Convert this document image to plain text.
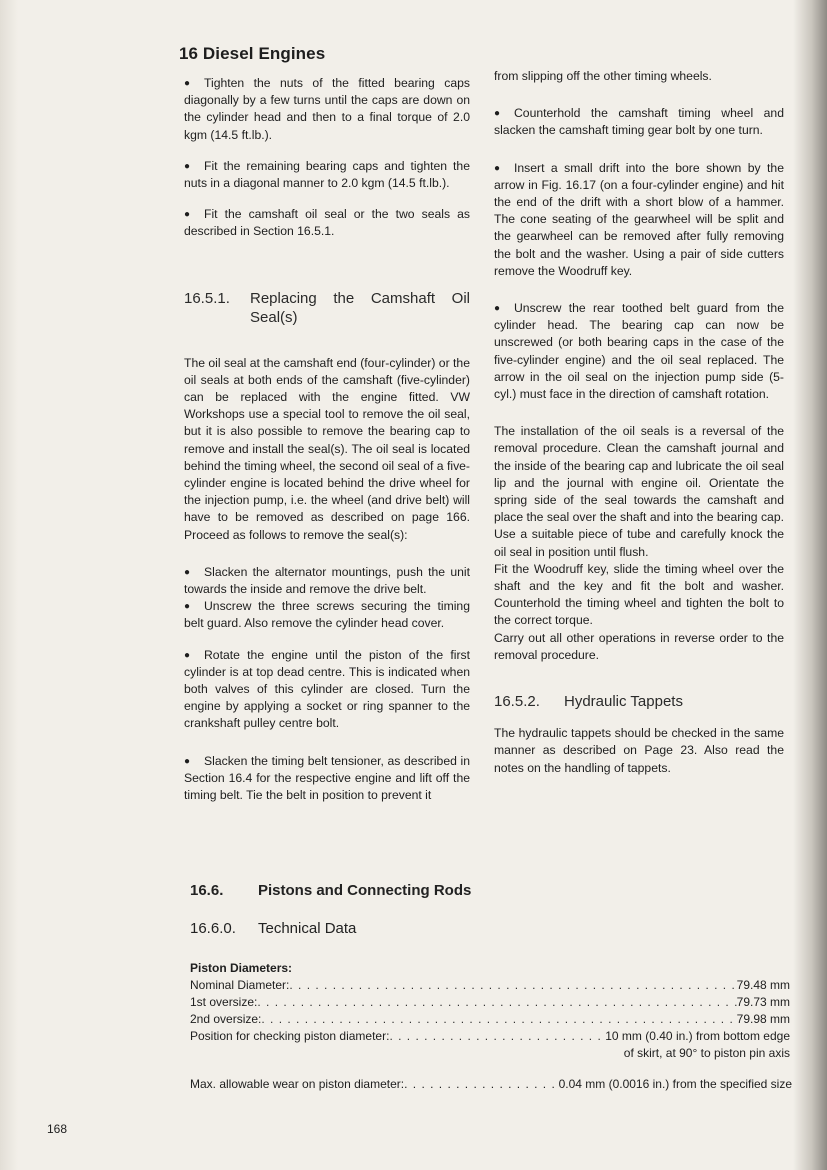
16 Diesel Engines

● Tighten the nuts of the fitted bearing caps diagonally by a few turns until the caps are down on the cylinder head and then to a final torque of 2.0 kgm (14.5 ft.lb.).

● Fit the remaining bearing caps and tighten the nuts in a diagonal manner to 2.0 kgm (14.5 ft.lb.).

● Fit the camshaft oil seal or the two seals as described in Section 16.5.1.

16.5.1.	Replacing the Camshaft Oil Seal(s)

The oil seal at the camshaft end (four-cylinder) or the oil seals at both ends of the camshaft (five-cylinder) can be replaced with the engine fitted. VW Workshops use a special tool to remove the oil seal, but it is also possible to remove the bearing cap to remove and install the seal(s). The oil seal is located behind the timing wheel, the second oil seal of a five-cylinder engine is located behind the drive wheel for the injection pump, i.e. the wheel (and drive belt) will have to be removed as described on page 166. Proceed as follows to remove the seal(s):

● Slacken the alternator mountings, push the unit towards the inside and remove the drive belt.

● Unscrew the three screws securing the timing belt guard. Also remove the cylinder head cover.

● Rotate the engine until the piston of the first cylinder is at top dead centre. This is indicated when both valves of this cylinder are closed. Turn the engine by applying a socket or ring spanner to the crankshaft pulley centre bolt.

● Slacken the timing belt tensioner, as described in Section 16.4 for the respective engine and lift off the timing belt. Tie the belt in position to prevent it

from slipping off the other timing wheels.

● Counterhold the camshaft timing wheel and slacken the camshaft timing gear bolt by one turn.

● Insert a small drift into the bore shown by the arrow in Fig. 16.17 (on a four-cylinder engine) and hit the end of the drift with a short blow of a hammer. The cone seating of the gearwheel will be split and the gearwheel can be removed after fully removing the bolt and the washer. Using a pair of side cutters remove the Woodruff key.

● Unscrew the rear toothed belt guard from the cylinder head. The bearing cap can now be unscrewed (or both bearing caps in the case of the five-cylinder engine) and the oil seal replaced. The arrow in the oil seal on the injection pump side (5-cyl.) must face in the direction of camshaft rotation.

The installation of the oil seals is a reversal of the removal procedure. Clean the camshaft journal and the inside of the bearing cap and lubricate the oil seal lip and the journal with engine oil. Orientate the spring side of the seal towards the camshaft and place the seal over the shaft and into the bearing cap. Use a suitable piece of tube and carefully knock the oil seal in position until flush.

Fit the Woodruff key, slide the timing wheel over the shaft and the key and fit the bolt and washer. Counterhold the timing wheel and tighten the bolt to the correct torque.

Carry out all other operations in reverse order to the removal procedure.

16.5.2.	Hydraulic Tappets

The hydraulic tappets should be checked in the same manner as described on Page 23. Also read the notes on the handling of tappets.

16.6.	Pistons and Connecting Rods
16.6.0.	Technical Data
Piston Diameters:
Nominal Diameter: . . .	79.48 mm
1st oversize: . . .	79.73 mm
2nd oversize: . . .	79.98 mm
Position for checking piston diameter: . . .	10 mm (0.40 in.) from bottom edge
of skirt, at 90° to piston pin axis
Max. allowable wear on piston diameter: . . .	0.04 mm (0.0016 in.) from the specified size
168
